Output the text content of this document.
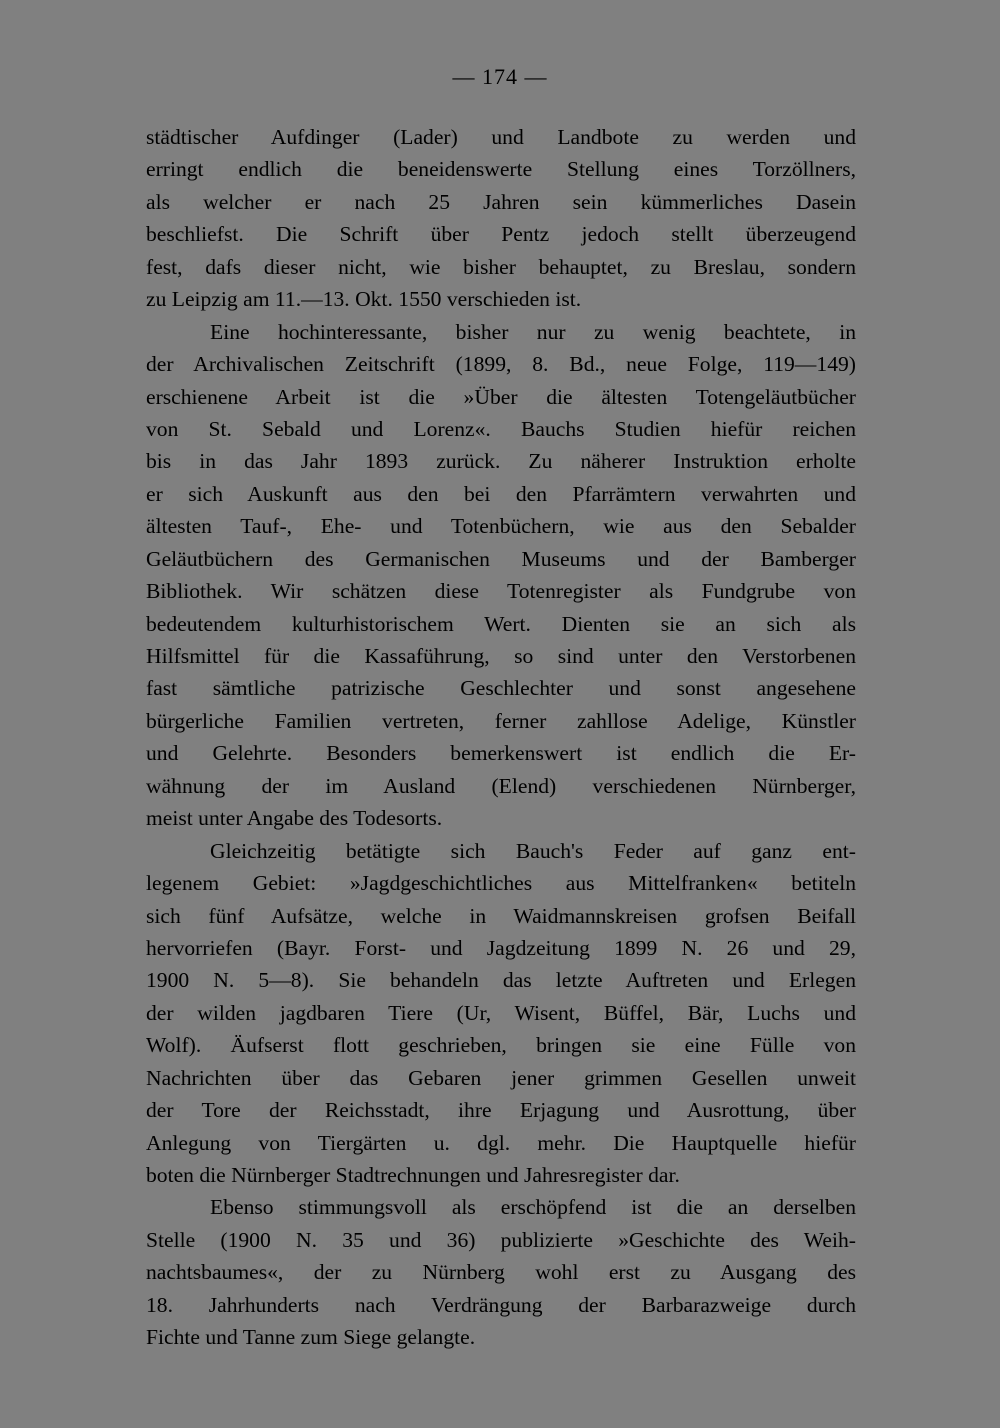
— 174 —
städtischer Aufdinger (Lader) und Landbote zu werden und
erringt endlich die beneidenswerte Stellung eines Torzöllners,
als welcher er nach 25 Jahren sein kümmerliches Dasein
beschliefst. Die Schrift über Pentz jedoch stellt überzeugend
fest, dafs dieser nicht, wie bisher behauptet, zu Breslau, sondern
zu Leipzig am 11.—13. Okt. 1550 verschieden ist.
Eine hochinteressante, bisher nur zu wenig beachtete, in
der Archivalischen Zeitschrift (1899, 8. Bd., neue Folge, 119—149)
erschienene Arbeit ist die »Über die ältesten Totengeläutbücher
von St. Sebald und Lorenz«. Bauchs Studien hiefür reichen
bis in das Jahr 1893 zurück. Zu näherer Instruktion erholte
er sich Auskunft aus den bei den Pfarrämtern verwahrten und
ältesten Tauf-, Ehe- und Totenbüchern, wie aus den Sebalder
Geläutbüchern des Germanischen Museums und der Bamberger
Bibliothek. Wir schätzen diese Totenregister als Fundgrube von
bedeutendem kulturhistorischem Wert. Dienten sie an sich als
Hilfsmittel für die Kassaführung, so sind unter den Verstorbenen
fast sämtliche patrizische Geschlechter und sonst angesehene
bürgerliche Familien vertreten, ferner zahllose Adelige, Künstler
und Gelehrte. Besonders bemerkenswert ist endlich die Er-
wähnung der im Ausland (Elend) verschiedenen Nürnberger,
meist unter Angabe des Todesorts.
Gleichzeitig betätigte sich Bauch's Feder auf ganz ent-
legenem Gebiet: »Jagdgeschichtliches aus Mittelfranken« betiteln
sich fünf Aufsätze, welche in Waidmannskreisen grofsen Beifall
hervorriefen (Bayr. Forst- und Jagdzeitung 1899 N. 26 und 29,
1900 N. 5—8). Sie behandeln das letzte Auftreten und Erlegen
der wilden jagdbaren Tiere (Ur, Wisent, Büffel, Bär, Luchs und
Wolf). Äufserst flott geschrieben, bringen sie eine Fülle von
Nachrichten über das Gebaren jener grimmen Gesellen unweit
der Tore der Reichsstadt, ihre Erjagung und Ausrottung, über
Anlegung von Tiergärten u. dgl. mehr. Die Hauptquelle hiefür
boten die Nürnberger Stadtrechnungen und Jahresregister dar.
Ebenso stimmungsvoll als erschöpfend ist die an derselben
Stelle (1900 N. 35 und 36) publizierte »Geschichte des Weih-
nachtsbaumes«, der zu Nürnberg wohl erst zu Ausgang des
18. Jahrhunderts nach Verdrängung der Barbarazweige durch
Fichte und Tanne zum Siege gelangte.
